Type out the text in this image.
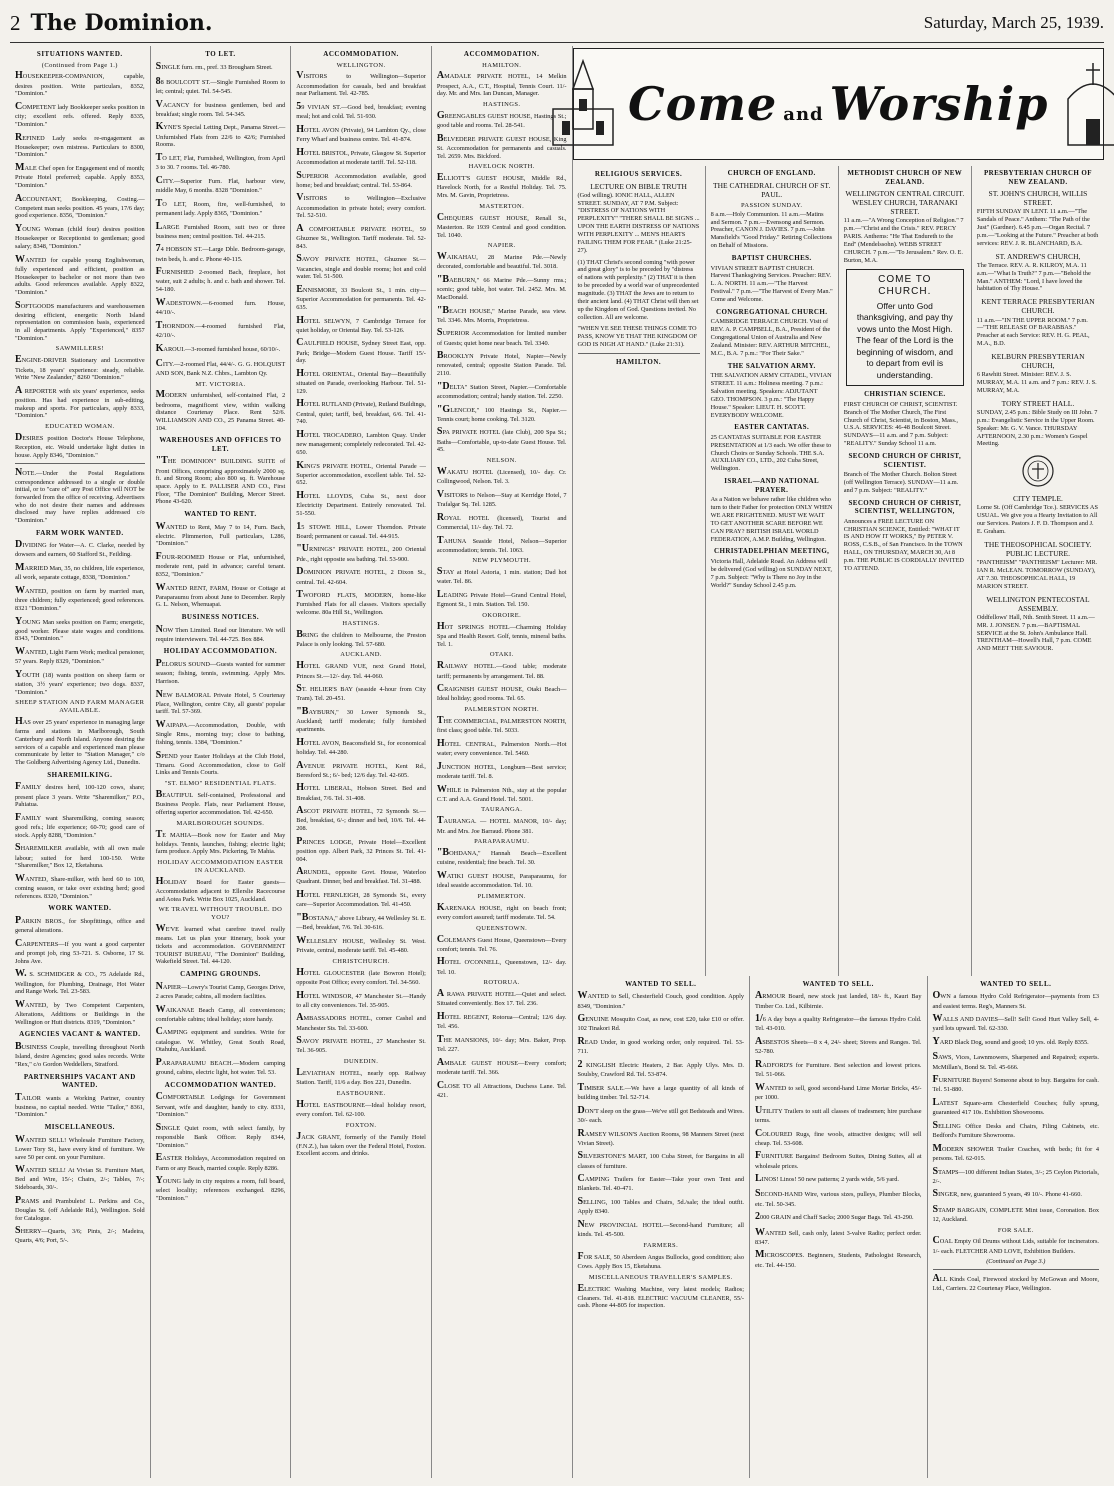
2 The Dominion.	Saturday, March 25, 1939.
SITUATIONS WANTED.
(Continued from Page 1.)

HOUSEKEEPER-COMPANION, capable, desires position. Write particulars, 8352, "Dominion."

COMPETENT lady Bookkeeper seeks position in city; excellent refs. offered. Reply 8335, "Dominion."

REFINED Lady seeks re-engagement as Housekeeper; own mistress. Particulars to 8300, "Dominion."

MALE Chef open for Engagement end of month; Private Hotel preferred; capable. Apply 8353, "Dominion."

ACCOUNTANT, Bookkeeping, Costing.—Competent man seeks position. 45 years, 17/6 day; good experience. 8356, "Dominion."

YOUNG Woman (child four) desires position Housekeeper or Receptionist to gentleman; good salary; 8348, "Dominion."

WANTED for capable young Englishwoman, fully experienced and efficient, position as Housekeeper to bachelor or not more than two adults. Good references available. Apply 8322, "Dominion."

SOFTGOODS manufacturers and warehousemen desiring efficient, energetic North Island representation on commission basis, experienced in all departments. Apply "Experienced," 8357 "Dominion."

SAWMILLERS!

ENGINE-DRIVER Stationary and Locomotive Tickets, 18 years' experience: steady, reliable. Write "New Zealander," 8260 "Dominion."

A REPORTER with six years' experience, seeks position. Has had experience in sub-editing, makeup and sports. For particulars, apply 8333, "Dominion."

EDUCATED WOMAN.

DESIRES position Doctor's House Telephone, Reception, etc. Would undertake light duties in house. Apply 8346, "Dominion."

NOTE.—Under the Postal Regulations correspondence addressed to a single or double initial, or to "care of" any Post Office will NOT be forwarded from the office of receiving. Advertisers who do not desire their names and addresses disclosed may have replies addressed c/o "Dominion."

FARM WORK WANTED.

DIVIDING for Water—A. C. Clarke, needed by dowsers and earners, 60 Stafford St., Feilding.

MARRIED Man, 35, no children, life experience, all work, separate cottage, 8338, "Dominion."

WANTED, position on farm by married man, three children; fully experienced; good references. 8321 "Dominion."

YOUNG Man seeks position on Farm; energetic, good worker. Please state wages and conditions. 8343, "Dominion."

WANTED, Light Farm Work; medical pensioner, 57 years. Reply 8329, "Dominion."

YOUTH (18) wants position on sheep farm or station, 3½ years' experience; two dogs. 8337, "Dominion."

SHEEP STATION AND FARM MANAGER AVAILABLE.

HAS over 25 years' experience in managing large farms and stations in Marlborough, South Canterbury and North Island. Anyone desiring the services of a capable and experienced man please communicate by letter to "Station Manager," c/o The Goldberg Advertising Agency Ltd., Dunedin.

SHAREMILKING.

FAMILY desires herd, 100-120 cows, share; present place 3 years. Write "Sharemilker," P.O., Pahiatua.

FAMILY want Sharemilking, coming season; good refs.; life experience; 60-70; good care of stock. Apply 8288, "Dominion."

SHAREMILKER available, with all own male labour; suited for herd 100-150. Write "Sharemilker," Box 12, Eketahuna.

WANTED, Share-milker, with herd 60 to 100, coming season, or take over existing herd; good references. 8320, "Dominion."

WORK WANTED.

PARKIN BROS., for Shopfittings, office and general alterations.

CARPENTERS—If you want a good carpenter and prompt job, ring 53-721. S. Osborne, 17 St. Johns Ave.

W. S. SCHMIDGER & CO., 75 Adelaide Rd., Wellington, for Plumbing, Drainage, Hot Water and Range Work. Tel. 23-583.

WANTED, by Two Competent Carpenters, Alterations, Additions or Buildings in the Wellington or Hutt districts. 8319, "Dominion."

AGENCIES VACANT & WANTED.

BUSINESS Couple, travelling throughout North Island, desire Agencies; good sales records. Write "Rex," c/o Gordon Weddellers, Stratford.

PARTNERSHIPS VACANT AND WANTED.

TAILOR wants a Working Partner, country business, no capital needed. Write "Tailor," 8361, "Dominion."

MISCELLANEOUS.

WANTED SELL! Wholesale Furniture Factory, Lower Tory St., have every kind of furniture. We save 50 per cent. on your Furniture.

WANTED SELL! At Vivian St. Furniture Mart, Bed and Wire, 15/-; Chairs, 2/-; Tables, 7/-; Sideboards, 30/-.

PRAMS and Prambulets! L. Perkins and Co., Douglas St. (off Adelaide Rd.), Wellington. Sold for Catalogue.

SHERRY—Quarts, 3/6; Pints, 2/-; Madeira, Quarts, 4/6; Port, 5/-.

TO LET.

SINGLE furn. rm., pref. 33 Brougham Street.

88 BOULCOTT ST.—Single Furnished Room to let; central; quiet. Tel. 54-545.

VACANCY for business gentlemen, bed and breakfast; single room. Tel. 54-345.

KYNE'S Special Letting Dept., Panama Street.—Unfurnished Flats from 22/6 to 42/6; Furnished Rooms.

TO LET, Flat, Furnished, Wellington, from April 3 to 30. 7 rooms. Tel. 46-780.

CITY.—Superior Furn. Flat, harbour view, middle May, 6 months. 8328 "Dominion."

TO LET, Room, fire, well-furnished, to permanent lady. Apply 8365, "Dominion."

LARGE Furnished Room, suit two or three business men; central position. Tel. 44-215.

74 HOBSON ST.—Large Dble. Bedroom-garage, twin beds, h. and c. Phone 40-115.

FURNISHED 2-roomed Bach, fireplace, hot water, suit 2 adults; h. and c. bath and shower. Tel. 54-180.

WADESTOWN.—6-roomed furn. House, 44/10/-.

THORNDON.—4-roomed furnished Flat, 42/10/-.

KAROUI.—3-roomed furnished house, 60/10/-.

CITY.—2-roomed Flat, 44/4/-. G. G. HOLQUIST AND SON, Bank N.Z. Chbrs., Lambton Qy.

MT. VICTORIA.

MODERN unfurnished, self-contained Flat, 2 bedrooms, magnificent view, within walking distance Courtenay Place. Rent 52/6. WILLIAMSON AND CO., 25 Panama Street. 40-104.

WAREHOUSES AND OFFICES TO LET.

"THE DOMINION" BUILDING. SUITE of Front Offices, comprising approximately 2000 sq. ft. and Strong Room; also 800 sq. ft. Warehouse space. Apply to E. PALLISER AND CO., First Floor, "The Dominion" Building, Mercer Street. Phone 43-620.

WANTED TO RENT.

WANTED to Rent, May 7 to 14, Furn. Bach, electric. Plimmerton, Full particulars, L286, "Dominion."

FOUR-ROOMED House or Flat, unfurnished, moderate rent, paid in advance; careful tenant. 8352, "Dominion."

WANTED RENT, FARM, House or Cottage at Paraparaumu from about June to December. Reply G. L. Nelson, Whenuapai.

BUSINESS NOTICES.

NOW Then Limited. Read our literature. We will require interviewers. Tel. 44-725. Box 884.

HOLIDAY ACCOMMODATION.

PELORUS SOUND—Guests wanted for summer season; fishing, tennis, swimming. Apply Mrs. Harrison.

NEW BALMORAL Private Hotel, 5 Courtenay Place, Wellington, centre City, all guests' popular tariff. Tel. 57-369.

WAIPAPA.—Accommodation, Double, with Single Rms., morning tray; close to bathing, fishing, tennis. 1384, "Dominion."

SPEND your Easter Holidays at the Club Hotel, Timaru. Good Accommodation, close to Golf Links and Tennis Courts.

"ST. ELMO" RESIDENTIAL FLATS.

BEAUTIFUL Self-contained, Professional and Business People. Flats, near Parliament House, offering superior accommodation. Tel. 42-650.

MARLBOROUGH SOUNDS.

TE MAHIA—Book now for Easter and May holidays. Tennis, launches, fishing; electric light; farm produce. Apply Mrs. Pickering, Te Mahia.

HOLIDAY ACCOMMODATION EASTER IN AUCKLAND.

HOLIDAY Board for Easter guests—Accommodation adjacent to Ellerslie Racecourse and Aotea Park. Write Box 1025, Auckland.

WE TRAVEL WITHOUT TROUBLE. DO YOU?

WE'VE learned what carefree travel really means. Let us plan your itinerary, book your tickets and accommodation. GOVERNMENT TOURIST BUREAU, "The Dominion" Building, Wakefield Street. Tel. 44-120.

CAMPING GROUNDS.

NAPIER—Lowry's Tourist Camp, Georges Drive, 2 acres Parade; cabins, all modern facilities.

WAIKANAE Beach Camp, all conveniences; comfortable cabins; ideal holiday; store handy.

CAMPING equipment and sundries. Write for catalogue. W. Whitley, Great South Road, Otahuhu, Auckland.

PARAPARAUMU BEACH.—Modern camping ground, cabins, electric light, hot water. Tel. 53.

ACCOMMODATION WANTED.

COMFORTABLE Lodgings for Government Servant, wife and daughter, handy to city. 8331, "Dominion."

SINGLE Quiet room, with select family, by responsible Bank Officer. Reply 8344, "Dominion."

EASTER Holidays, Accommodation required on Farm or any Beach, married couple. Reply 8286.

YOUNG lady in city requires a room, full board, select locality; references exchanged. 8296, "Dominion."

ACCOMMODATION.
WELLINGTON.

VISITORS to Wellington—Superior Accommodation for casuals, bed and breakfast near Parliament. Tel. 42-785.

59 VIVIAN ST.—Good bed, breakfast; evening meal; hot and cold. Tel. 51-930.

HOTEL AVON (Private), 94 Lambton Qy., close Ferry Wharf and business centre. Tel. 41-874.

HOTEL BRISTOL, Private, Glasgow St. Superior Accommodation at moderate tariff. Tel. 52-118.

SUPERIOR Accommodation available, good home; bed and breakfast; central. Tel. 53-864.

VISITORS to Wellington—Exclusive Accommodation in private hotel; every comfort. Tel. 52-510.

A COMFORTABLE PRIVATE HOTEL, 59 Ghuznee St., Wellington. Tariff moderate. Tel. 52-843.

SAVOY PRIVATE HOTEL, Ghuznee St.—Vacancies, single and double rooms; hot and cold water. Tel. 51-500.

ENNISMORE, 33 Boulcott St., 1 min. city—Superior Accommodation for permanents. Tel. 42-635.

HOTEL SELWYN, 7 Cambridge Terrace for quiet holiday, or Oriental Bay. Tel. 53-126.

CAULFIELD HOUSE, Sydney Street East, opp. Park; Bridge—Modern Guest House. Tariff 15/- day.

HOTEL ORIENTAL, Oriental Bay—Beautifully situated on Parade, overlooking Harbour. Tel. 51-129.

HOTEL RUTLAND (Private), Rutland Buildings, Central, quiet; tariff, bed, breakfast, 6/6. Tel. 41-740.

HOTEL TROCADERO, Lambton Quay. Under new management; completely redecorated. Tel. 42-650.

KING'S PRIVATE HOTEL, Oriental Parade — Superior accommodation, excellent table. Tel. 52-652.

HOTEL LLOYDS, Cuba St., next door Electricity Department. Entirely renovated. Tel. 51-550.

15 STOWE HILL, Lower Thorndon. Private Board; permanent or casual. Tel. 44-915.

"URNINGS" PRIVATE HOTEL, 200 Oriental Pde., right opposite sea bathing. Tel. 53-900.

DOMINION PRIVATE HOTEL, 2 Dixon St., central. Tel. 42-604.

TWOFORD FLATS, MODERN, home-like Furnished Flats for all classes. Visitors specially welcome. 80a Hill St., Wellington.

HASTINGS.

BRING the children to Melbourne, the Preston Palace is only looking. Tel. 57-680.

AUCKLAND.

HOTEL GRAND VUE, next Grand Hotel, Princes St.—12/- day. Tel. 44-060.

ST. HELIER'S BAY (seaside 4-hour from City Tram). Tel. 20-451.

"BAYBURN," 30 Lower Symonds St., Auckland; tariff moderate; fully furnished apartments.

HOTEL AVON, Beaconsfield St., for economical holiday. Tel. 44-280.

AVENUE PRIVATE HOTEL, Kent Rd., Beresford St.; 6/- bed; 12/6 day. Tel. 42-605.

HOTEL LIBERAL, Hobson Street. Bed and Breakfast, 7/6. Tel. 31-408.

ASCOT PRIVATE HOTEL, 72 Symonds St.—Bed, breakfast, 6/-; dinner and bed, 10/6. Tel. 44-208.

PRINCES LODGE, Private Hotel—Excellent position opp. Albert Park, 32 Princes St. Tel. 41-004.

ARUNDEL, opposite Govt. House, Waterloo Quadrant. Dinner, bed and breakfast. Tel. 31-488.

HOTEL FERNLEIGH, 28 Symonds St., every care—Superior Accommodation. Tel. 41-450.

"BOSTANA," above Library, 44 Wellesley St. E.—Bed, breakfast, 7/6. Tel. 30-616.

WELLESLEY HOUSE, Wellesley St. West. Private, central, moderate tariff. Tel. 45-480.

CHRISTCHURCH.

HOTEL GLOUCESTER (late Bowron Hotel); opposite Post Office; every comfort. Tel. 34-560.

HOTEL WINDSOR, 47 Manchester St.—Handy to all city conveniences. Tel. 35-905.

AMBASSADORS HOTEL, corner Cashel and Manchester Sts. Tel. 33-600.

SAVOY PRIVATE HOTEL, 27 Manchester St. Tel. 36-905.

DUNEDIN.

LEVIATHAN HOTEL, nearly opp. Railway Station. Tariff, 11/6 a day. Box 221, Dunedin.

EASTBOURNE.

HOTEL EASTBOURNE—Ideal holiday resort, every comfort. Tel. 62-100.

FOXTON.

JACK GRANT, formerly of the Family Hotel (F.N.Z.), has taken over the Federal Hotel, Foxton. Excellent accom. and drinks.

ACCOMMODATION.
HAMILTON.

AMADALE PRIVATE HOTEL, 14 Melkin Prospect, A.A., C.T., Hospital, Tennis Court. 11/- day. Mr. and Mrs. Ian Duncan, Manager.

HASTINGS.

GREENGABLES GUEST HOUSE, Hastings St.; good table and rooms. Tel. 28-541.

BELVEDERE PRIVATE GUEST HOUSE, King St. Accommodation for permanents and casuals. Tel. 2659. Mrs. Bickford.

HAVELOCK NORTH.

ELLIOTT'S GUEST HOUSE, Middle Rd., Havelock North, for a Restful Holiday. Tel. 75. Mrs. M. Gavin, Proprietress.

MASTERTON.

CHEQUERS GUEST HOUSE, Renall St., Masterton. Re 1939 Central and good condition. Tel. 1040.

NAPIER.

WAIKAHAU, 28 Marine Pde.—Newly decorated, comfortable and beautiful. Tel. 3018.

"BAEBURN," 66 Marine Pde.—Sunny rms.; scenic; good table, hot water. Tel. 2452. Mrs. M. MacDonald.

"BEACH HOUSE," Marine Parade, sea view. Tel. 3346. Mrs. Morris, Proprietress.

SUPERIOR Accommodation for limited number of Guests; quiet home near beach. Tel. 3340.

BROOKLYN Private Hotel, Napier—Newly renovated, central; opposite Station Parade. Tel. 2110.

"DELTA" Station Street, Napier.—Comfortable accommodation; central; handy station. Tel. 2250.

"GLENCOE," 100 Hastings St., Napier.—Tennis court; home cooking. Tel. 3120.

SPA PRIVATE HOTEL (late Club), 200 Spa St.; Baths—Comfortable, up-to-date Guest House. Tel. 45.

NELSON.

WAKATU HOTEL (Licensed), 10/- day. Cr. Collingwood, Nelson. Tel. 3.

VISITORS to Nelson—Stay at Kerridge Hotel, 7 Trafalgar Sq. Tel. 1285.

ROYAL HOTEL (licensed), Tourist and Commercial, 11/- day. Tel. 72.

TAHUNA Seaside Hotel, Nelson—Superior accommodation; tennis. Tel. 1063.

NEW PLYMOUTH.

STAY at Hotel Astoria, 1 min. station; Dad hot water. Tel. 86.

LEADING Private Hotel—Grand Central Hotel, Egmont St., 1 min. Station. Tel. 150.

OKOROIRE.

HOT SPRINGS HOTEL—Charming Holiday Spa and Health Resort. Golf, tennis, mineral baths. Tel. 1.

OTAKI.

RAILWAY HOTEL.—Good table; moderate tariff; permanents by arrangement. Tel. 88.

CRAIGNISH GUEST HOUSE, Otaki Beach—Ideal holiday; good rooms. Tel. 65.

PALMERSTON NORTH.

THE COMMERCIAL, PALMERSTON NORTH, first class; good table. Tel. 5033.

HOTEL CENTRAL, Palmerston North.—Hot water; every convenience. Tel. 5460.

JUNCTION HOTEL, Longburn—Best service; moderate tariff. Tel. 8.

WHILE in Palmerston Nth., stay at the popular C.T. and A.A. Grand Hotel. Tel. 5001.

TAURANGA.

TAURANGA. — HOTEL MANOR, 10/- day; Mr. and Mrs. Joe Barraud. Phone 381.

PARAPARAUMU.

"BOHDANA," Hannah Beach—Excellent cuisine, residential; fine beach. Tel. 30.

WATIKI GUEST HOUSE, Paraparaumu, for ideal seaside accommodation. Tel. 10.

PLIMMERTON.

KARENAKA HOUSE, right on beach front; every comfort assured; tariff moderate. Tel. 54.

QUEENSTOWN.

COLEMAN'S Guest House, Queenstown—Every comfort; tennis. Tel. 76.

HOTEL O'CONNELL, Queenstown, 12/- day. Tel. 10.

ROTORUA.

A RAWA PRIVATE HOTEL—Quiet and select. Situated conveniently. Box 17. Tel. 236.

HOTEL REGENT, Rotorua—Central; 12/6 day. Tel. 456.

THE MANSIONS, 10/- day; Mrs. Baker, Prop. Tel. 227.

AMBALE GUEST HOUSE—Every comfort; moderate tariff. Tel. 366.

CLOSE TO all Attractions, Duchess Lane. Tel. 421.

Come and Worship
RELIGIOUS SERVICES.
LECTURE ON BIBLE TRUTH

(God willing). IONIC HALL, ALLEN STREET. SUNDAY, AT 7 P.M. Subject: "DISTRESS OF NATIONS WITH PERPLEXITY" "THERE SHALL BE SIGNS ... UPON THE EARTH DISTRESS OF NATIONS WITH PERPLEXITY ... MEN'S HEARTS FAILING THEM FOR FEAR." (Luke 21:25-27).

(1) THAT Christ's second coming "with power and great glory" is to be preceded by "distress of nations with perplexity." (2) THAT it is then to be preceded by a world war of unprecedented magnitude. (3) THAT the Jews are to return to their ancient land. (4) THAT Christ will then set up the Kingdom of God. Questions invited. No collection. All are welcome.

"WHEN YE SEE THESE THINGS COME TO PASS, KNOW YE THAT THE KINGDOM OF GOD IS NIGH AT HAND." (Luke 21:31).

HAMILTON.
CHURCH OF ENGLAND.
THE CATHEDRAL CHURCH OF ST. PAUL.
PASSION SUNDAY.

8 a.m.—Holy Communion. 11 a.m.—Matins and Sermon. 7 p.m.—Evensong and Sermon. Preacher, CANON J. DAVIES. 7 p.m.—John Mansfield's "Good Friday." Retiring Collections on Behalf of Missions.

BAPTIST CHURCHES.

VIVIAN STREET BAPTIST CHURCH. Harvest Thanksgiving Services. Preacher: REV. L. A. NORTH. 11 a.m.—"The Harvest Festival." 7 p.m.—"The Harvest of Every Man." Come and Welcome.

CONGREGATIONAL CHURCH.

CAMBRIDGE TERRACE CHURCH. Visit of REV. A. P. CAMPBELL, B.A., President of the Congregational Union of Australia and New Zealand. Minister: REV. ARTHUR MITCHEL, M.C., B.A. 7 p.m.: "For Their Sake."

THE SALVATION ARMY.

THE SALVATION ARMY CITADEL, VIVIAN STREET. 11 a.m.: Holiness meeting. 7 p.m.: Salvation meeting. Speakers: ADJUTANT GEO. THOMPSON. 3 p.m.: "The Happy House." Speaker: LIEUT. H. SCOTT. EVERYBODY WELCOME.

EASTER CANTATAS.

25 CANTATAS SUITABLE FOR EASTER PRESENTATION at 1/3 each. We offer these to Church Choirs or Sunday Schools. THE S.A. AUXILIARY CO., LTD., 202 Cuba Street, Wellington.

ISRAEL—AND NATIONAL PRAYER.

As a Nation we behave rather like children who turn to their Father for protection ONLY WHEN WE ARE FRIGHTENED. MUST WE WAIT TO GET ANOTHER SCARE BEFORE WE CAN PRAY? BRITISH ISRAEL WORLD FEDERATION, A.M.P. Building, Wellington.

CHRISTADELPHIAN MEETING,

Victoria Hall, Adelaide Road. An Address will be delivered (God willing) on SUNDAY NEXT, 7 p.m. Subject: "Why is There no Joy in the World?" Sunday School 2.45 p.m.

METHODIST CHURCH OF NEW ZEALAND.
WELLINGTON CENTRAL CIRCUIT. WESLEY CHURCH, TARANAKI STREET.

11 a.m.—"A Wrong Conception of Religion." 7 p.m.—"Christ and the Crisis." REV. PERCY PARIS. Anthems: "He That Endureth to the End" (Mendelssohn). WEBB STREET CHURCH. 7 p.m.—"To Jerusalem." Rev. O. E. Burton, M.A.

COME TO CHURCH.
Offer unto God thanksgiving, and pay thy vows unto the Most High. The fear of the Lord is the beginning of wisdom, and to depart from evil is understanding.
CHRISTIAN SCIENCE.

FIRST CHURCH OF CHRIST, SCIENTIST. Branch of The Mother Church, The First Church of Christ, Scientist, in Boston, Mass., U.S.A. SERVICES: 46-48 Boulcott Street. SUNDAYS—11 a.m. and 7 p.m. Subject: "REALITY." Sunday School 11 a.m.

SECOND CHURCH OF CHRIST, SCIENTIST.

Branch of The Mother Church. Bolton Street (off Wellington Terrace). SUNDAY—11 a.m. and 7 p.m. Subject: "REALITY."

SECOND CHURCH OF CHRIST, SCIENTIST, WELLINGTON,

Announces a FREE LECTURE ON CHRISTIAN SCIENCE, Entitled: "WHAT IT IS AND HOW IT WORKS," By PETER V. ROSS, C.S.B., of San Francisco. In the TOWN HALL, ON THURSDAY, MARCH 30, At 8 p.m. THE PUBLIC IS CORDIALLY INVITED TO ATTEND.

PRESBYTERIAN CHURCH OF NEW ZEALAND.
ST. JOHN'S CHURCH, WILLIS STREET.

FIFTH SUNDAY IN LENT. 11 a.m.—"The Sandals of Peace." Anthem: "The Path of the Just" (Gardner). 6.45 p.m.—Organ Recital. 7 p.m.—"Looking at the Future." Preacher at both services: REV. J. R. BLANCHARD, B.A.

ST. ANDREW'S CHURCH,

The Terrace. REV. A. R. KILROY, M.A. 11 a.m.—"What Is Truth?" 7 p.m.—"Behold the Man." ANTHEM: "Lord, I have loved the habitation of Thy House."

KENT TERRACE PRESBYTERIAN CHURCH.

11 a.m.—"IN THE UPPER ROOM." 7 p.m.—"THE RELEASE OF BARABBAS." Preacher at each Service: REV. H. G. PEAL, M.A., B.D.

KELBURN PRESBYTERIAN CHURCH,

6 Rawhiti Street. Minister: REV. J. S. MURRAY, M.A. 11 a.m. and 7 p.m.: REV. J. S. MURRAY, M.A.

TORY STREET HALL.

SUNDAY, 2.45 p.m.: Bible Study on III John. 7 p.m.: Evangelistic Service in the Upper Room. Speaker: Mr. G. V. Vance. THURSDAY AFTERNOON, 2.30 p.m.: Women's Gospel Meeting.

CITY TEMPLE.

Lorne St. (Off Cambridge Tce.). SERVICES AS USUAL. We give you a Hearty Invitation to All our Services. Pastors J. F. D. Thompson and J. E. Graham.

THE THEOSOPHICAL SOCIETY. PUBLIC LECTURE.

"PANTHEISM" "PANTHEISM" Lecturer: MR. IAN R. McLEAN. TOMORROW (SUNDAY), AT 7.30. THEOSOPHICAL HALL, 19 MARION STREET.

WELLINGTON PENTECOSTAL ASSEMBLY.

Oddfellows' Hall, Nth. Smith Street. 11 a.m.—MR. J. JONSEN. 7 p.m.—BAPTISMAL SERVICE at the St. John's Ambulance Hall. TRENTHAM—Howell's Hall, 7 p.m. COME AND MEET THE SAVIOUR.

WANTED TO SELL.

WANTED to Sell, Chesterfield Couch, good condition. Apply 8349, "Dominion."

GENUINE Mosquito Coat, as new, cost £20, take £10 or offer. 102 Tinakori Rd.

READ Under, in good working order, only required. Tel. 53-711.

2 KINGLISH Electric Heaters, 2 Bar. Apply Ulys. Mrs. D. Soulsby, Crawford Rd. Tel. 53-874.

TIMBER SALE.—We have a large quantity of all kinds of building timber. Tel. 52-714.

DON'T sleep on the grass—We've still got Bedsteads and Wires. 30/- each.

RAMSEY WILSON'S Auction Rooms, 98 Manners Street (next Vivian Street).

SILVERSTONE'S MART, 100 Cuba Street, for Bargains in all classes of furniture.

CAMPING Trailers for Easter—Take your own Tent and Blankets. Tel. 40-471.

SELLING, 100 Tables and Chairs, 5d./sale; the ideal outfit. Apply 8340.

NEW PROVINCIAL HOTEL—Second-hand Furniture; all kinds. Tel. 45-500.

FARMERS.

FOR SALE, 50 Aberdeen Angus Bullocks, good condition; also Cows. Apply Box 15, Eketahuna.

MISCELLANEOUS TRAVELLER'S SAMPLES.

ELECTRIC Washing Machine, very latest models; Radios; Cleaners. Tel. 41-818. ELECTRIC VACUUM CLEANER, 55/- cash. Phone 44-805 for inspection.

WANTED TO SELL.

ARMOUR Board, new stock just landed, 18/- ft., Kauri Bay Timber Co. Ltd., Kilbirnie.

1/6 A day buys a quality Refrigerator—the famous Hydro Cold. Tel. 43-010.

ASBESTOS Sheets—8 x 4, 24/- sheet; Stoves and Ranges. Tel. 52-780.

RADFORD'S for Furniture. Best selection and lowest prices. Tel. 51-066.

WANTED to sell, good second-hand Lime Mortar Bricks, 45/- per 1000.

UTILITY Trailers to suit all classes of tradesmen; hire purchase terms.

COLOURED Rugs, fine wools, attractive designs; will sell cheap. Tel. 53-608.

FURNITURE Bargains! Bedroom Suites, Dining Suites, all at wholesale prices.

LINOS! Linos! 50 new patterns; 2 yards wide, 5/6 yard.

SECOND-HAND Wire, various sizes, pulleys, Plumber Blocks, etc. Tel. 50-345.

2000 GRAIN and Chaff Sacks; 2000 Sugar Bags. Tel. 43-290.

WANTED Sell, cash only, latest 3-valve Radio; perfect order. 8347.

MICROSCOPES. Beginners, Students, Pathologist Research, etc. Tel. 44-150.

WANTED TO SELL.

OWN a famous Hydro Cold Refrigerator—payments from £3 and easiest terms. Reg's, Manners St.

WALLS AND DAVIES—Sell! Sell! Good Hurt Valley Sell, 4-yard lots upward. Tel. 62-330.

YARD Black Dog, sound and good; 10 yrs. old. Reply 8355.

SAWS, Vices, Lawnmowers, Sharpened and Repaired; experts. McMillan's, Bond St. Tel. 45-666.

FURNITURE Buyers! Someone about to buy. Bargains for cash. Tel. 51-880.

LATEST Square-arm Chesterfield Couches; fully sprung, guaranteed 417 10s. Exhibition Showrooms.

SELLING Office Desks and Chairs, Filing Cabinets, etc. Bedford's Furniture Showrooms.

MODERN SHOWER Trailer Coaches, with beds; fit for 4 persons. Tel. 62-015.

STAMPS—100 different Indian States, 3/-; 25 Ceylon Pictorials, 2/-.

SINGER, new, guaranteed 5 years, 49 10/-. Phone 41-660.

STAMP BARGAIN, COMPLETE Mint issue, Coronation. Box 12, Auckland.

FOR SALE.

COAL Empty Oil Drums without Lids, suitable for incinerators. 1/- each. FLETCHER AND LOVE, Exhibition Builders.

(Continued on Page 3.)

ALL Kinds Coal, Firewood stocked by McGowan and Moore, Ltd., Carriers. 22 Courtenay Place, Wellington.
